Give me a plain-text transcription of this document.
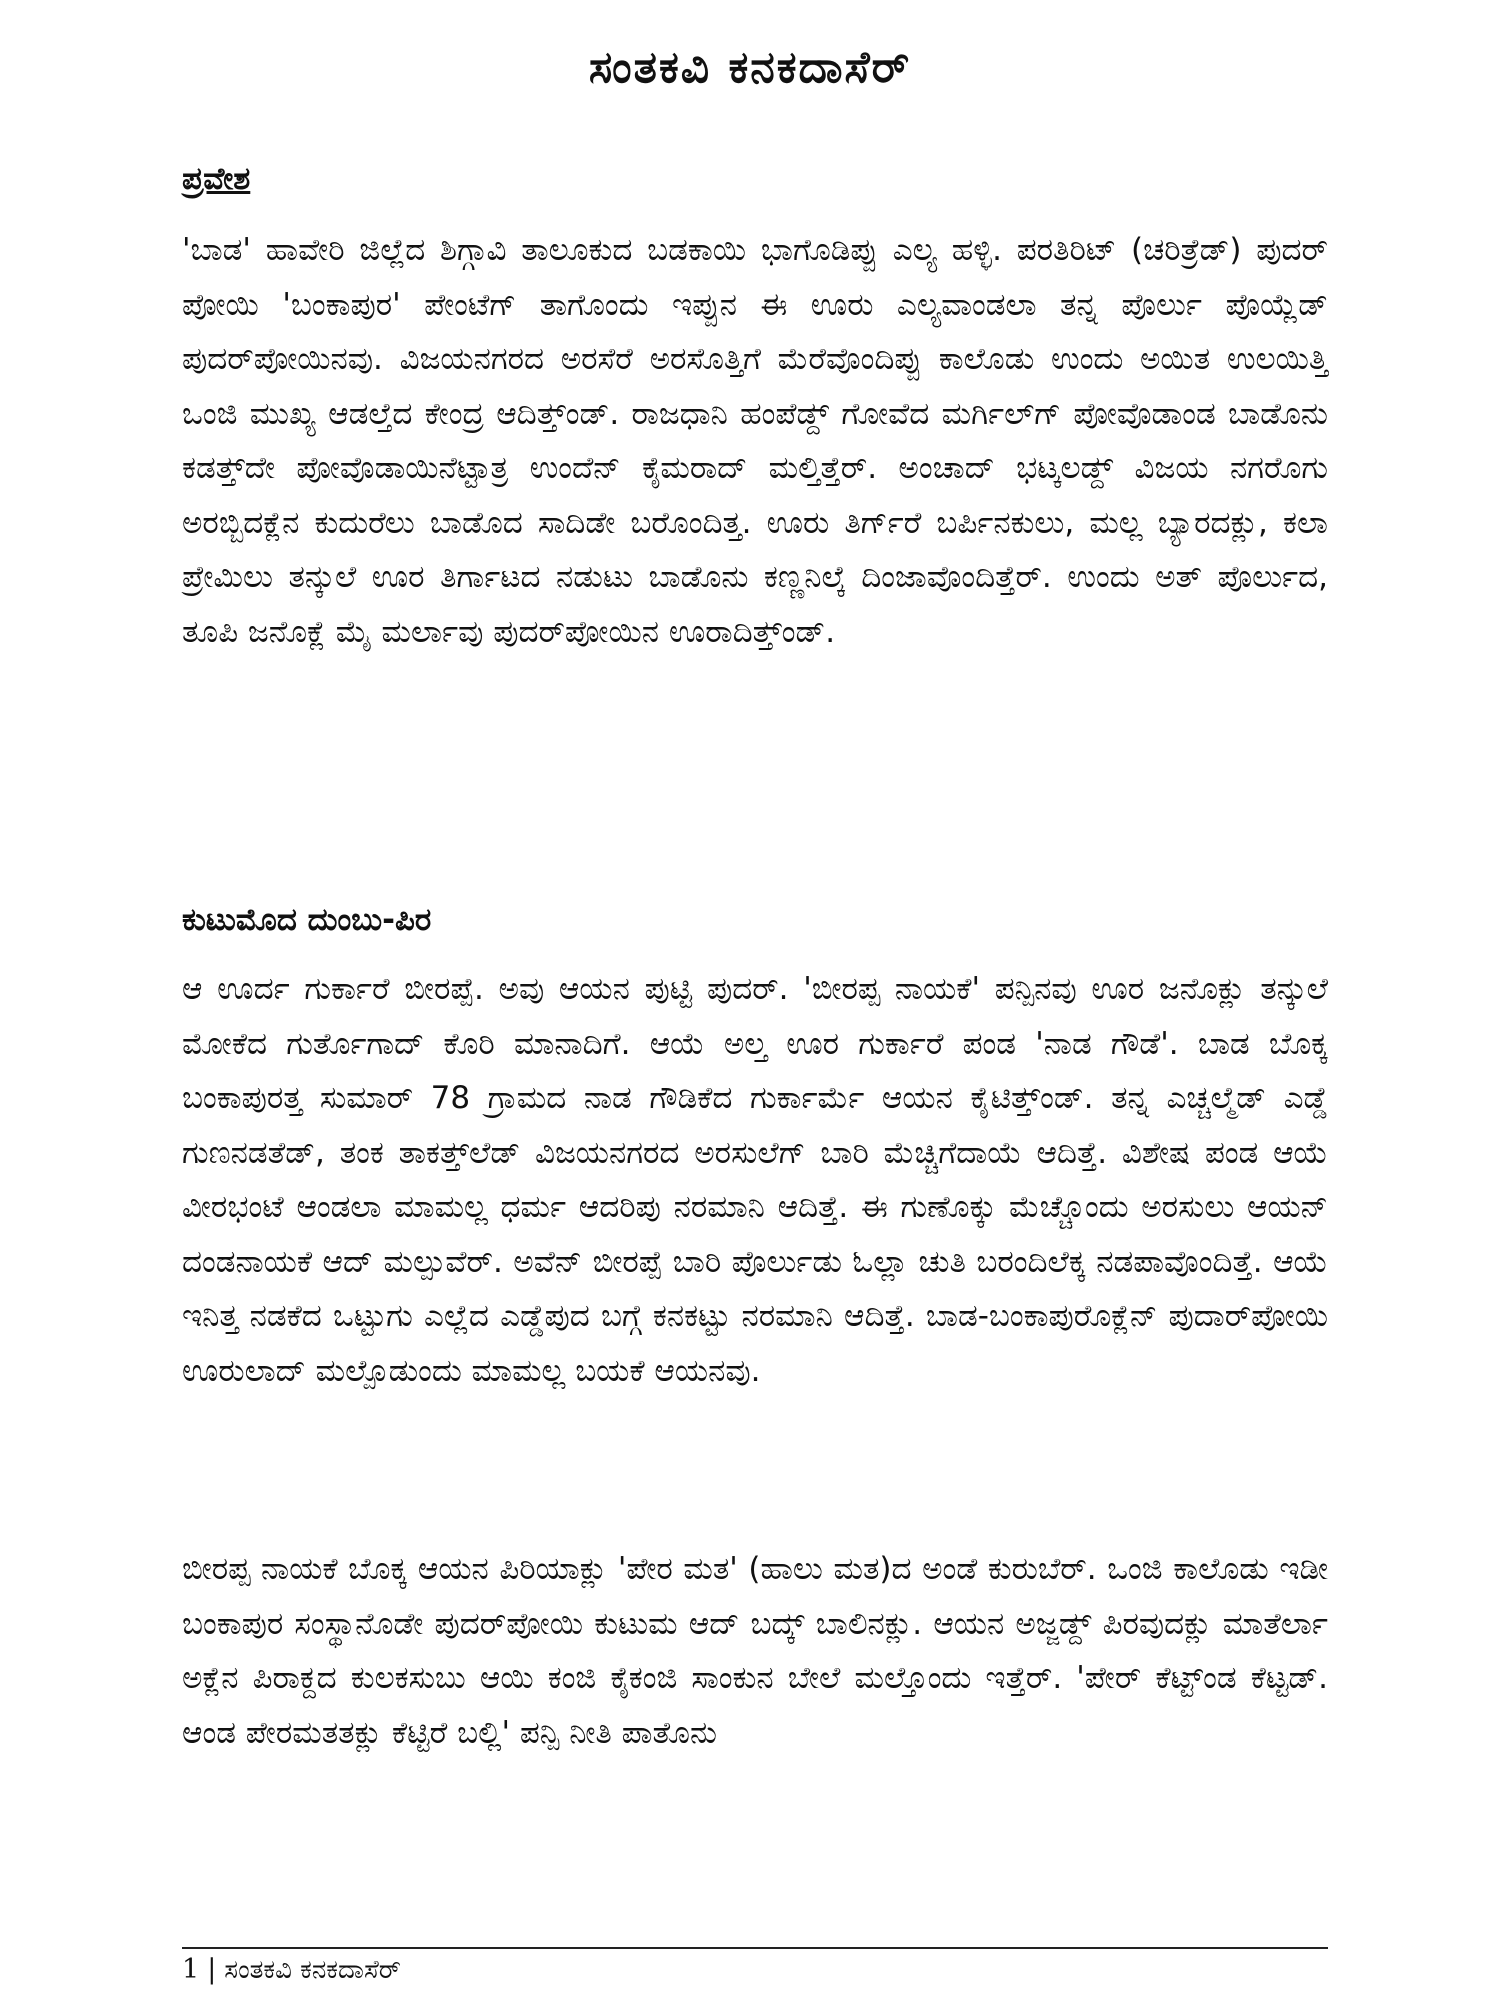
ಸಂತಕವಿ ಕನಕದಾಸೆರ್
ಪ್ರವೇಶ

'ಬಾಡ' ಹಾವೇರಿ ಜಿಲ್ಲೆದ ಶಿಗ್ಗಾವಿ ತಾಲೂಕುದ ಬಡಕಾಯಿ ಭಾಗೊಡಿಪ್ಪು ಎಲ್ಯ ಹಳ್ಳಿ. ಪರತಿರಿಟ್ (ಚರಿತ್ರೆಡ್) ಪುದರ್ ಪೋಯಿ 'ಬಂಕಾಪುರ' ಪೇಂಟೆಗ್ ತಾಗೊಂದು ಇಪ್ಪುನ ಈ ಊರು ಎಲ್ಯವಾಂಡಲಾ ತನ್ನ ಪೊರ್ಲು ಪೊಯ್ಲೆಡ್ ಪುದರ್‌ಪೋಯಿನವು. ವಿಜಯನಗರದ ಅರಸೆರೆ ಅರಸೊತ್ತಿಗೆ ಮೆರೆವೊಂದಿಪ್ಪು ಕಾಲೊಡು ಉಂದು ಅಯಿತ ಉಲಯಿತ್ತಿ ಒಂಜಿ ಮುಖ್ಯ ಆಡಲ್ತೆದ ಕೇಂದ್ರ ಆದಿತ್ತ್‌ಂಡ್. ರಾಜಧಾನಿ ಹಂಪೆಡ್ದ್ ಗೋವೆದ ಮರ್ಗಿಲ್‌ಗ್ ಪೋವೊಡಾಂಡ ಬಾಡೊನು ಕಡತ್ತ್‌ದೇ ಪೋವೊಡಾಯಿನೆಟ್ಟಾತ್ರ ಉಂದೆನ್ ಕೈಮರಾದ್ ಮಲ್ತಿತ್ತೆರ್. ಅಂಚಾದ್ ಭಟ್ಕಲಡ್ದ್ ವಿಜಯ ನಗರೊಗು ಅರಬ್ಬಿದಕ್ಲೆನ ಕುದುರೆಲು ಬಾಡೊದ ಸಾದಿಡೇ ಬರೊಂದಿತ್ತ. ಊರು ತಿರ್ಗ್‌ರೆ ಬರ್ಪಿನಕುಲು, ಮಲ್ಲ ಬ್ಯಾರದಕ್ಲು, ಕಲಾ ಪ್ರೇಮಿಲು ತನ್ಕುಲೆ ಊರ ತಿರ್ಗಾಟದ ನಡುಟು ಬಾಡೊನು ಕಣ್ಣನಿಲ್ಕೆ ದಿಂಜಾವೊಂದಿತ್ತೆರ್. ಉಂದು ಅತ್ ಪೊರ್ಲುದ, ತೂಪಿ ಜನೊಕ್ಲೆ ಮೈ ಮರ್ಲಾವು ಪುದರ್‌ಪೋಯಿನ ಊರಾದಿತ್ತ್‌ಂಡ್.

ಕುಟುಮೊದ ದುಂಬು-ಪಿರ

ಆ ಊರ್ದ ಗುರ್ಕಾರೆ ಬೀರಪ್ಪೆ. ಅವು ಆಯನ ಪುಟ್ಟಿ ಪುದರ್. 'ಬೀರಪ್ಪ ನಾಯಕೆ' ಪನ್ಪಿನವು ಊರ ಜನೊಕ್ಲು ತನ್ಕುಲೆ ಮೋಕೆದ ಗುರ್ತೊಗಾದ್ ಕೊರಿ ಮಾನಾದಿಗೆ. ಆಯೆ ಅಲ್ತ ಊರ ಗುರ್ಕಾರೆ ಪಂಡ 'ನಾಡ ಗೌಡೆ'. ಬಾಡ ಬೊಕ್ಕ ಬಂಕಾಪುರತ್ತ ಸುಮಾರ್ 78 ಗ್ರಾಮದ ನಾಡ ಗೌಡಿಕೆದ ಗುರ್ಕಾರ್ಮೆ ಆಯನ ಕೈಟಿತ್ತ್‌ಂಡ್. ತನ್ನ ಎಚ್ಚಲ್ಮೆಡ್ ಎಡ್ಡೆ ಗುಣನಡತೆಡ್, ತಂಕ ತಾಕತ್ತ್‌ಲೆಡ್ ವಿಜಯನಗರದ ಅರಸುಲೆಗ್ ಬಾರಿ ಮೆಚ್ಚಿಗೆದಾಯೆ ಆದಿತ್ತೆ. ವಿಶೇಷ ಪಂಡ ಆಯೆ ವೀರಭಂಟೆ ಆಂಡಲಾ ಮಾಮಲ್ಲ ಧರ್ಮ ಆದರಿಪು ನರಮಾನಿ ಆದಿತ್ತೆ. ಈ ಗುಣೊಕ್ಕು ಮೆಚ್ಚೊಂದು ಅರಸುಲು ಆಯನ್ ದಂಡನಾಯಕೆ ಆದ್ ಮಲ್ಪುವೆರ್. ಅವೆನ್ ಬೀರಪ್ಪೆ ಬಾರಿ ಪೊರ್ಲುಡು ಓಲ್ಲಾ ಚುತಿ ಬರಂದಿಲೆಕ್ಕ ನಡಪಾವೊಂದಿತ್ತೆ. ಆಯೆ ಇನಿತ್ತ ನಡಕೆದ ಒಟ್ಟುಗು ಎಲ್ಲೆದ ಎಡ್ಡೆಪುದ ಬಗ್ಗೆ ಕನಕಟ್ಟು ನರಮಾನಿ ಆದಿತ್ತೆ. ಬಾಡ-ಬಂಕಾಪುರೊಕ್ಲೆನ್ ಪುದಾರ್‌ಪೋಯಿ ಊರುಲಾದ್ ಮಲ್ಪೊಡುಂದು ಮಾಮಲ್ಲ ಬಯಕೆ ಆಯನವು.

ಬೀರಪ್ಪ ನಾಯಕೆ ಬೊಕ್ಕ ಆಯನ ಪಿರಿಯಾಕ್ಲು 'ಪೇರ ಮತ' (ಹಾಲು ಮತ)ದ ಅಂಡೆ ಕುರುಬೆರ್. ಒಂಜಿ ಕಾಲೊಡು ಇಡೀ ಬಂಕಾಪುರ ಸಂಸ್ಥಾನೊಡೇ ಪುದರ್‌ಪೋಯಿ ಕುಟುಮ ಆದ್ ಬದ್ಕ್ ಬಾಲಿನಕ್ಲು. ಆಯನ ಅಜ್ಜಡ್ದ್ ಪಿರವುದಕ್ಲು ಮಾತೆರ್ಲಾ ಅಕ್ಲೆನ ಪಿರಾಕ್ದದ ಕುಲಕಸುಬು ಆಯಿ ಕಂಜಿ ಕೈಕಂಜಿ ಸಾಂಕುನ ಬೇಲೆ ಮಲ್ತೊಂದು ಇತ್ತೆರ್. 'ಪೇರ್ ಕೆಟ್ಟ್‌ಂಡ ಕೆಟ್ಟಡ್. ಆಂಡ ಪೇರಮತತಕ್ಲು ಕೆಟ್ಟಿರೆ ಬಲ್ಲಿ' ಪನ್ಪಿ ನೀತಿ ಪಾತೊನು

1 | ಸಂತಕವಿ ಕನಕದಾಸೆರ್
